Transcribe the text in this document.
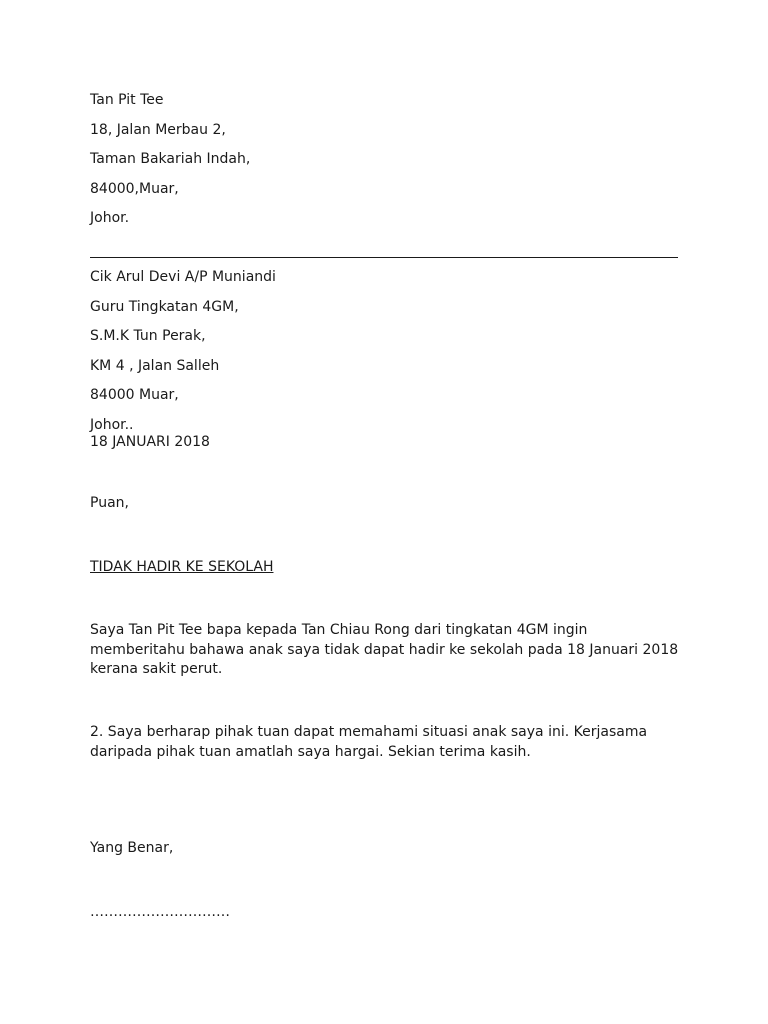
Tan Pit Tee

18, Jalan Merbau 2,

Taman Bakariah Indah,

84000,Muar,

Johor.

Cik Arul Devi A/P Muniandi

Guru Tingkatan 4GM,

S.M.K Tun Perak,

KM 4 , Jalan Salleh

84000 Muar,

Johor..

18 JANUARI 2018

Puan,

TIDAK HADIR KE SEKOLAH

Saya Tan Pit Tee bapa kepada Tan Chiau Rong dari tingkatan 4GM ingin
memberitahu bahawa anak saya tidak dapat hadir ke sekolah pada 18 Januari 2018
kerana sakit perut.
2. Saya berharap pihak tuan dapat memahami situasi anak saya ini. Kerjasama
daripada pihak tuan amatlah saya hargai. Sekian terima kasih.

Yang Benar,

…………………………
